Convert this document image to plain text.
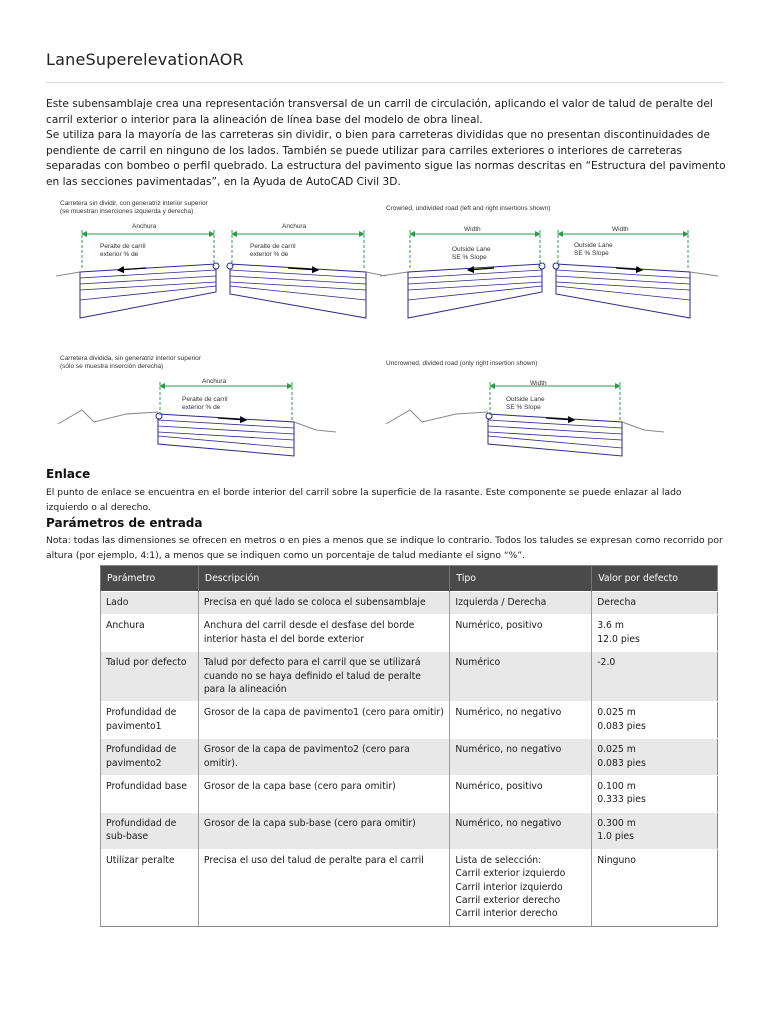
LaneSuperelevationAOR

Este subensamblaje crea una representación transversal de un carril de circulación, aplicando el valor de talud de peralte del carril exterior o interior para la alineación de línea base del modelo de obra lineal.

Se utiliza para la mayoría de las carreteras sin dividir, o bien para carreteras divididas que no presentan discontinuidades de pendiente de carril en ninguno de los lados. También se puede utilizar para carriles exteriores o interiores de carreteras separadas con bombeo o perfil quebrado. La estructura del pavimento sigue las normas descritas en “Estructura del pavimento en las secciones pavimentadas”, en la Ayuda de AutoCAD Civil 3D.

Carretera sin dividir, con generatriz interior superior
(se muestran inserciones izquierda y derecha)	Crowned, undivided road (left and right insertions shown)
Carretera dividida, sin generatriz interior superior
(sólo se muestra inserción derecha)	Uncrowned, divided road (only right insertion shown)
Anchura	Anchura
Peralte de carril
exterior % de
Peralte de carril
exterior % de
Width	Width
Outside Lane
SE % Slope
Outside Lane
SE % Slope
Anchura
Peralte de carril
exterior % de
Width
Outside Lane
SE % Slope
Enlace
El punto de enlace se encuentra en el borde interior del carril sobre la superficie de la rasante. Este componente se puede enlazar al lado izquierdo o al derecho.
Parámetros de entrada
Nota: todas las dimensiones se ofrecen en metros o en pies a menos que se indique lo contrario. Todos los taludes se expresan como recorrido por altura (por ejemplo, 4:1), a menos que se indiquen como un porcentaje de talud mediante el signo “%”.
Parámetro	Descripción	Tipo	Valor por defecto
Lado	Precisa en qué lado se coloca el subensamblaje	Izquierda / Derecha	Derecha
Anchura	Anchura del carril desde el desfase del borde interior hasta el del borde exterior	Numérico, positivo	3.6 m
12.0 pies
Talud por defecto	Talud por defecto para el carril que se utilizará cuando no se haya definido el talud de peralte para la alineación	Numérico	-2.0
Profundidad de pavimento1	Grosor de la capa de pavimento1 (cero para omitir)	Numérico, no negativo	0.025 m
0.083 pies
Profundidad de pavimento2	Grosor de la capa de pavimento2 (cero para omitir).	Numérico, no negativo	0.025 m
0.083 pies
Profundidad base	Grosor de la capa base (cero para omitir)	Numérico, positivo	0.100 m
0.333 pies
Profundidad de sub-base	Grosor de la capa sub-base (cero para omitir)	Numérico, no negativo	0.300 m
1.0 pies
Utilizar peralte	Precisa el uso del talud de peralte para el carril	Lista de selección:
Carril exterior izquierdo
Carril interior izquierdo
Carril exterior derecho
Carril interior derecho	Ninguno
